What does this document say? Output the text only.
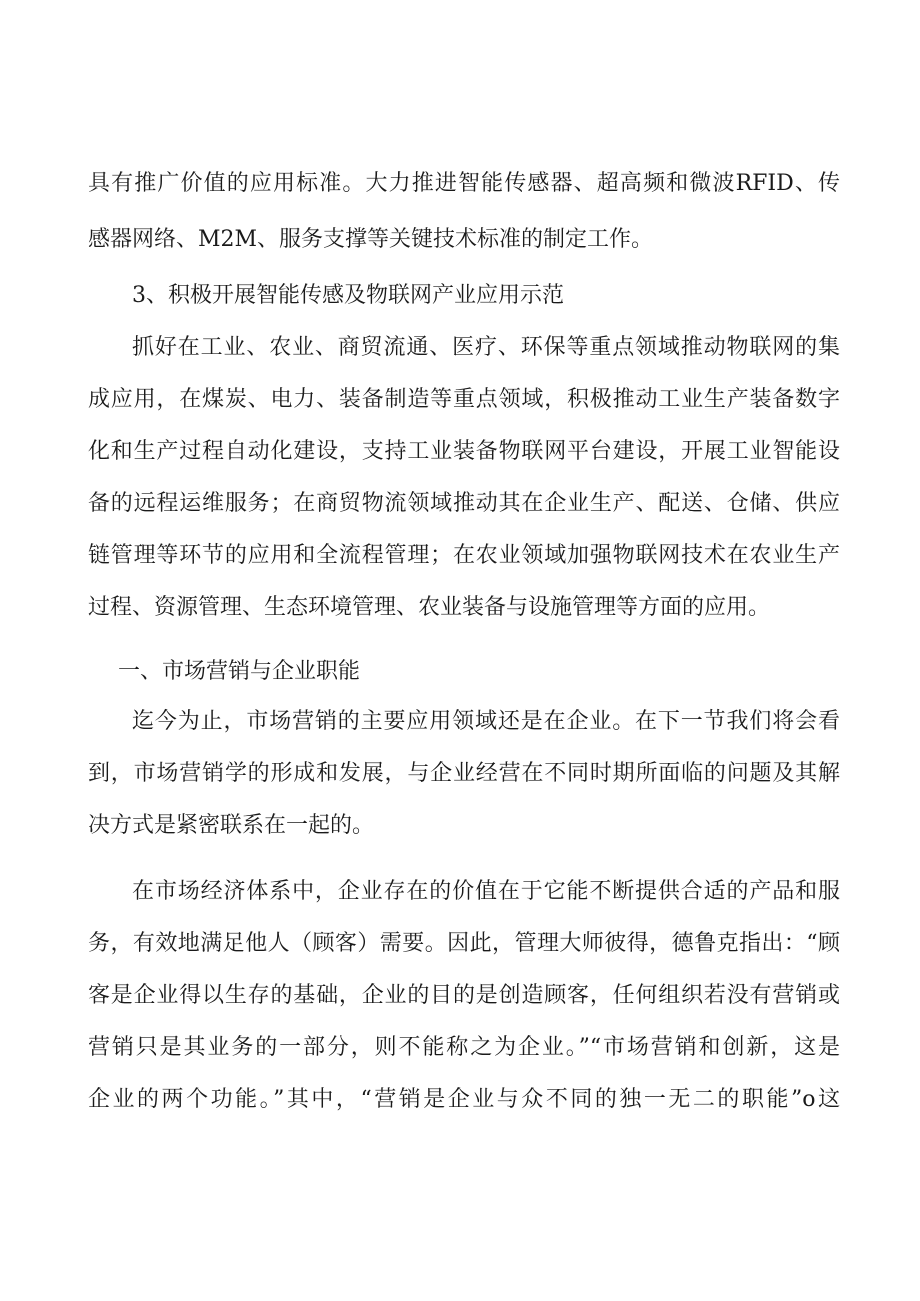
具有推广价值的应用标准。大力推进智能传感器、超高频和微波RFID、传
感器网络、M2M、服务支撑等关键技术标准的制定工作。
3、积极开展智能传感及物联网产业应用示范
抓好在工业、农业、商贸流通、医疗、环保等重点领域推动物联网的集
成应用，在煤炭、电力、装备制造等重点领域，积极推动工业生产装备数字
化和生产过程自动化建设，支持工业装备物联网平台建设，开展工业智能设
备的远程运维服务；在商贸物流领域推动其在企业生产、配送、仓储、供应
链管理等环节的应用和全流程管理；在农业领域加强物联网技术在农业生产
过程、资源管理、生态环境管理、农业装备与设施管理等方面的应用。
一、市场营销与企业职能
迄今为止，市场营销的主要应用领域还是在企业。在下一节我们将会看
到，市场营销学的形成和发展，与企业经营在不同时期所面临的问题及其解
决方式是紧密联系在一起的。
在市场经济体系中，企业存在的价值在于它能不断提供合适的产品和服
务，有效地满足他人（顾客）需要。因此，管理大师彼得，德鲁克指出：“顾
客是企业得以生存的基础，企业的目的是创造顾客，任何组织若没有营销或
营销只是其业务的一部分，则不能称之为企业。”“市场营销和创新，这是
企业的两个功能。”其中，“营销是企业与众不同的独一无二的职能”o这
